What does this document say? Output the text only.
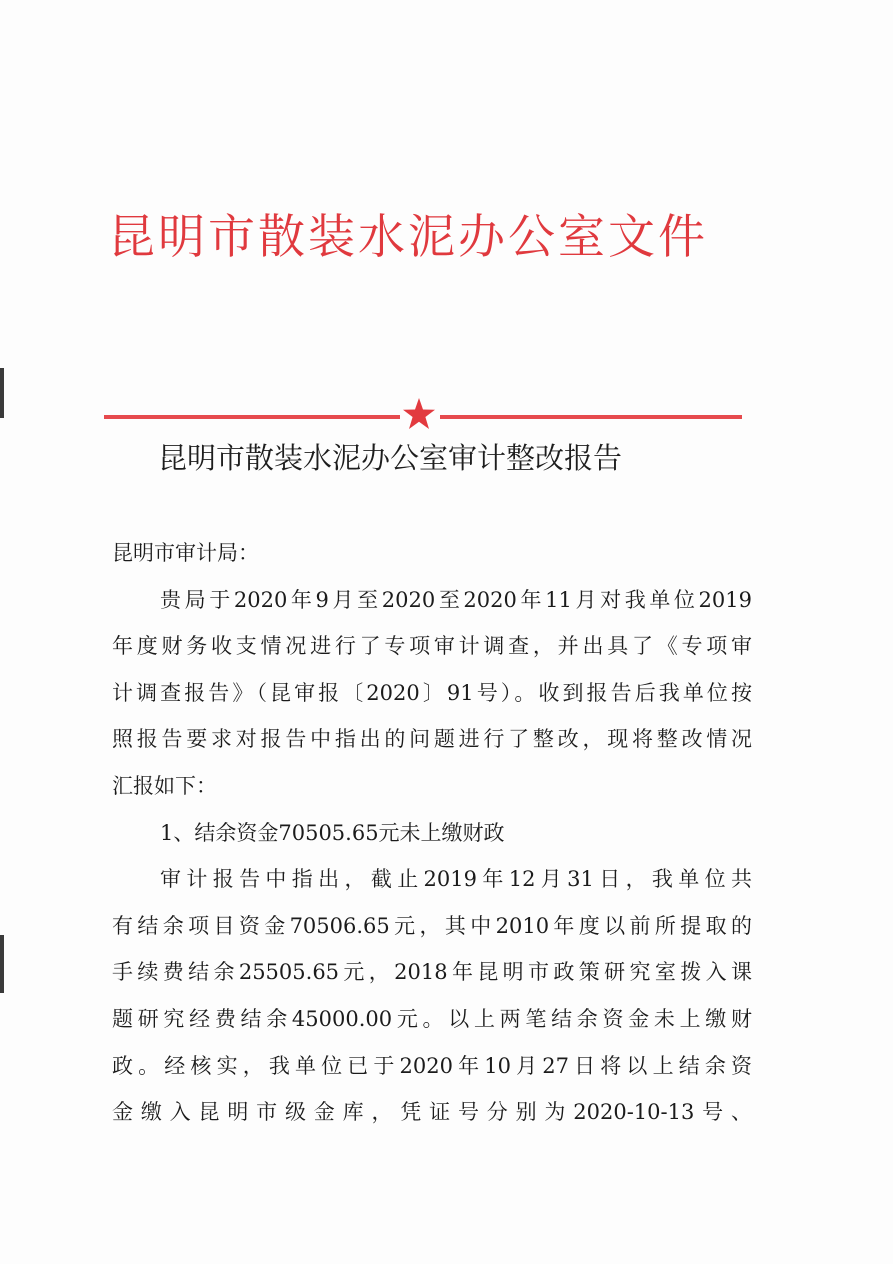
昆明市散装水泥办公室文件
昆明市散装水泥办公室审计整改报告
昆明市审计局：
贵局于2020年9月至2020至2020年11月对我单位2019
年度财务收支情况进行了专项审计调查，并出具了《专项审
计调查报告》（昆审报〔2020〕91号）。收到报告后我单位按
照报告要求对报告中指出的问题进行了整改，现将整改情况
汇报如下：
1、结余资金70505.65元未上缴财政
审计报告中指出，截止2019年12月31日，我单位共
有结余项目资金70506.65元，其中2010年度以前所提取的
手续费结余25505.65元，2018年昆明市政策研究室拨入课
题研究经费结余45000.00元。以上两笔结余资金未上缴财
政。经核实，我单位已于2020年10月27日将以上结余资
金缴入昆明市级金库，凭证号分别为2020-10-13号、
